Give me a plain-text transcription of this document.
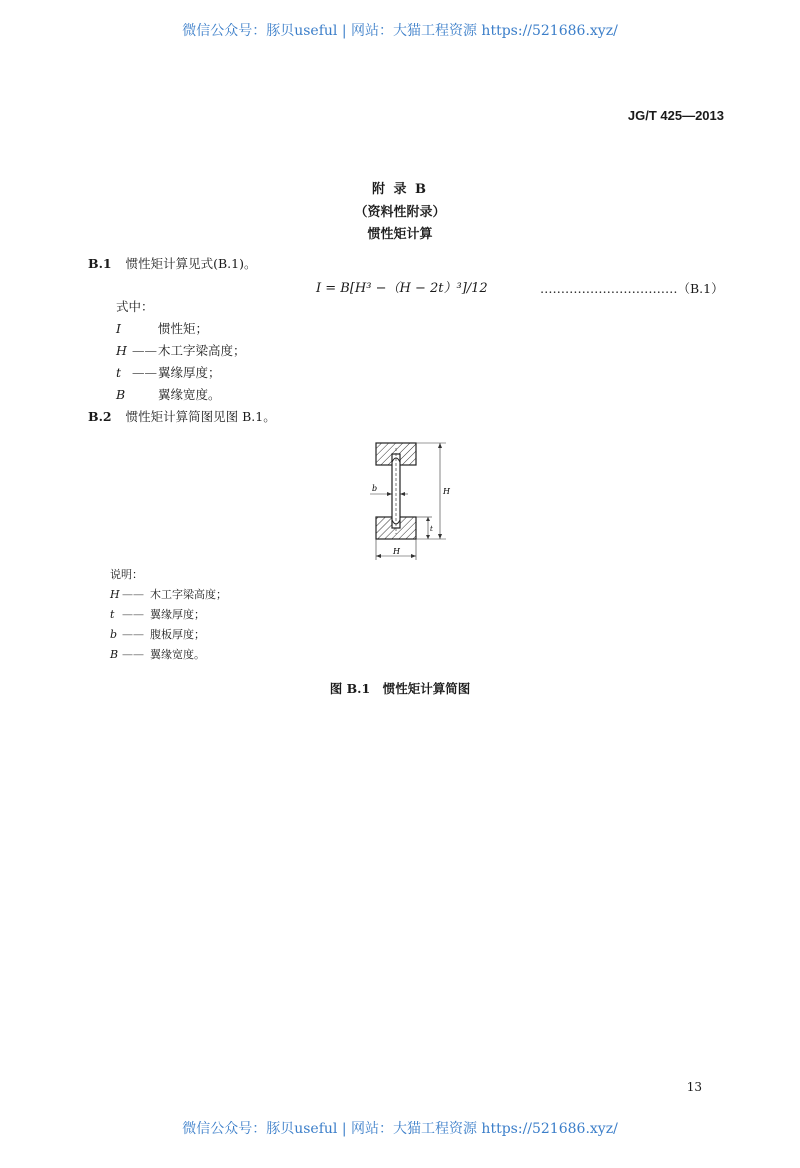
微信公众号：豚贝useful | 网站：大猫工程资源 https://521686.xyz/
JG/T 425—2013
附 录 B
（资料性附录）
惯性矩计算
B.1 惯性矩计算见式(B.1)。
I = B[H³ −（H − 2t）³]/12	……………………………（B.1）
式中：
I	惯性矩；
H ——木工字梁高度；
t ——翼缘厚度；
B	翼缘宽度。
B.2 惯性矩计算简图见图 B.1。
b	H
t
H
说明：
H —— 木工字梁高度；
t —— 翼缘厚度；
b —— 腹板厚度；
B —— 翼缘宽度。
图 B.1　惯性矩计算简图
13
微信公众号：豚贝useful | 网站：大猫工程资源 https://521686.xyz/
